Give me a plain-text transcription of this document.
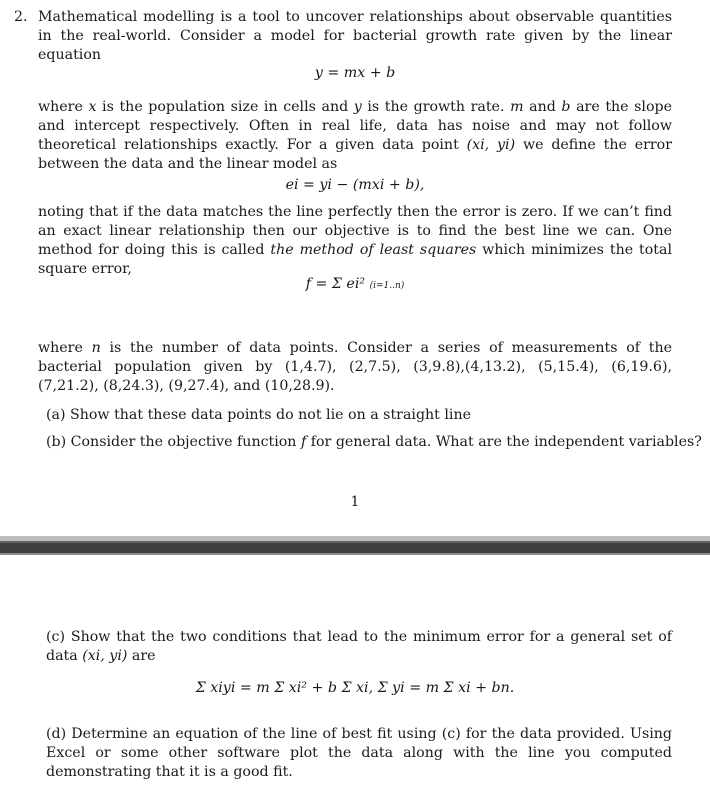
2. Mathematical modelling is a tool to uncover relationships about observable quantities in the real-world. Consider a model for bacterial growth rate given by the linear equation
y = mx + b
where x is the population size in cells and y is the growth rate. m and b are the slope and intercept respectively. Often in real life, data has noise and may not follow theoretical relationships exactly. For a given data point (xi, yi) we define the error between the data and the linear model as
ei = yi − (mxi + b),
noting that if the data matches the line perfectly then the error is zero. If we can’t find an exact linear relationship then our objective is to find the best line we can. One method for doing this is called the method of least squares which minimizes the total square error,
f = Σ ei² (i=1..n)
where n is the number of data points. Consider a series of measurements of the bacterial population given by (1,4.7), (2,7.5), (3,9.8),(4,13.2), (5,15.4), (6,19.6), (7,21.2), (8,24.3), (9,27.4), and (10,28.9).
(a) Show that these data points do not lie on a straight line
(b) Consider the objective function f for general data. What are the independent variables?
1
(c) Show that the two conditions that lead to the minimum error for a general set of data (xi, yi) are
Σ xiyi = m Σ xi² + b Σ xi, Σ yi = m Σ xi + bn.
(d) Determine an equation of the line of best fit using (c) for the data provided. Using Excel or some other software plot the data along with the line you computed demonstrating that it is a good fit.
